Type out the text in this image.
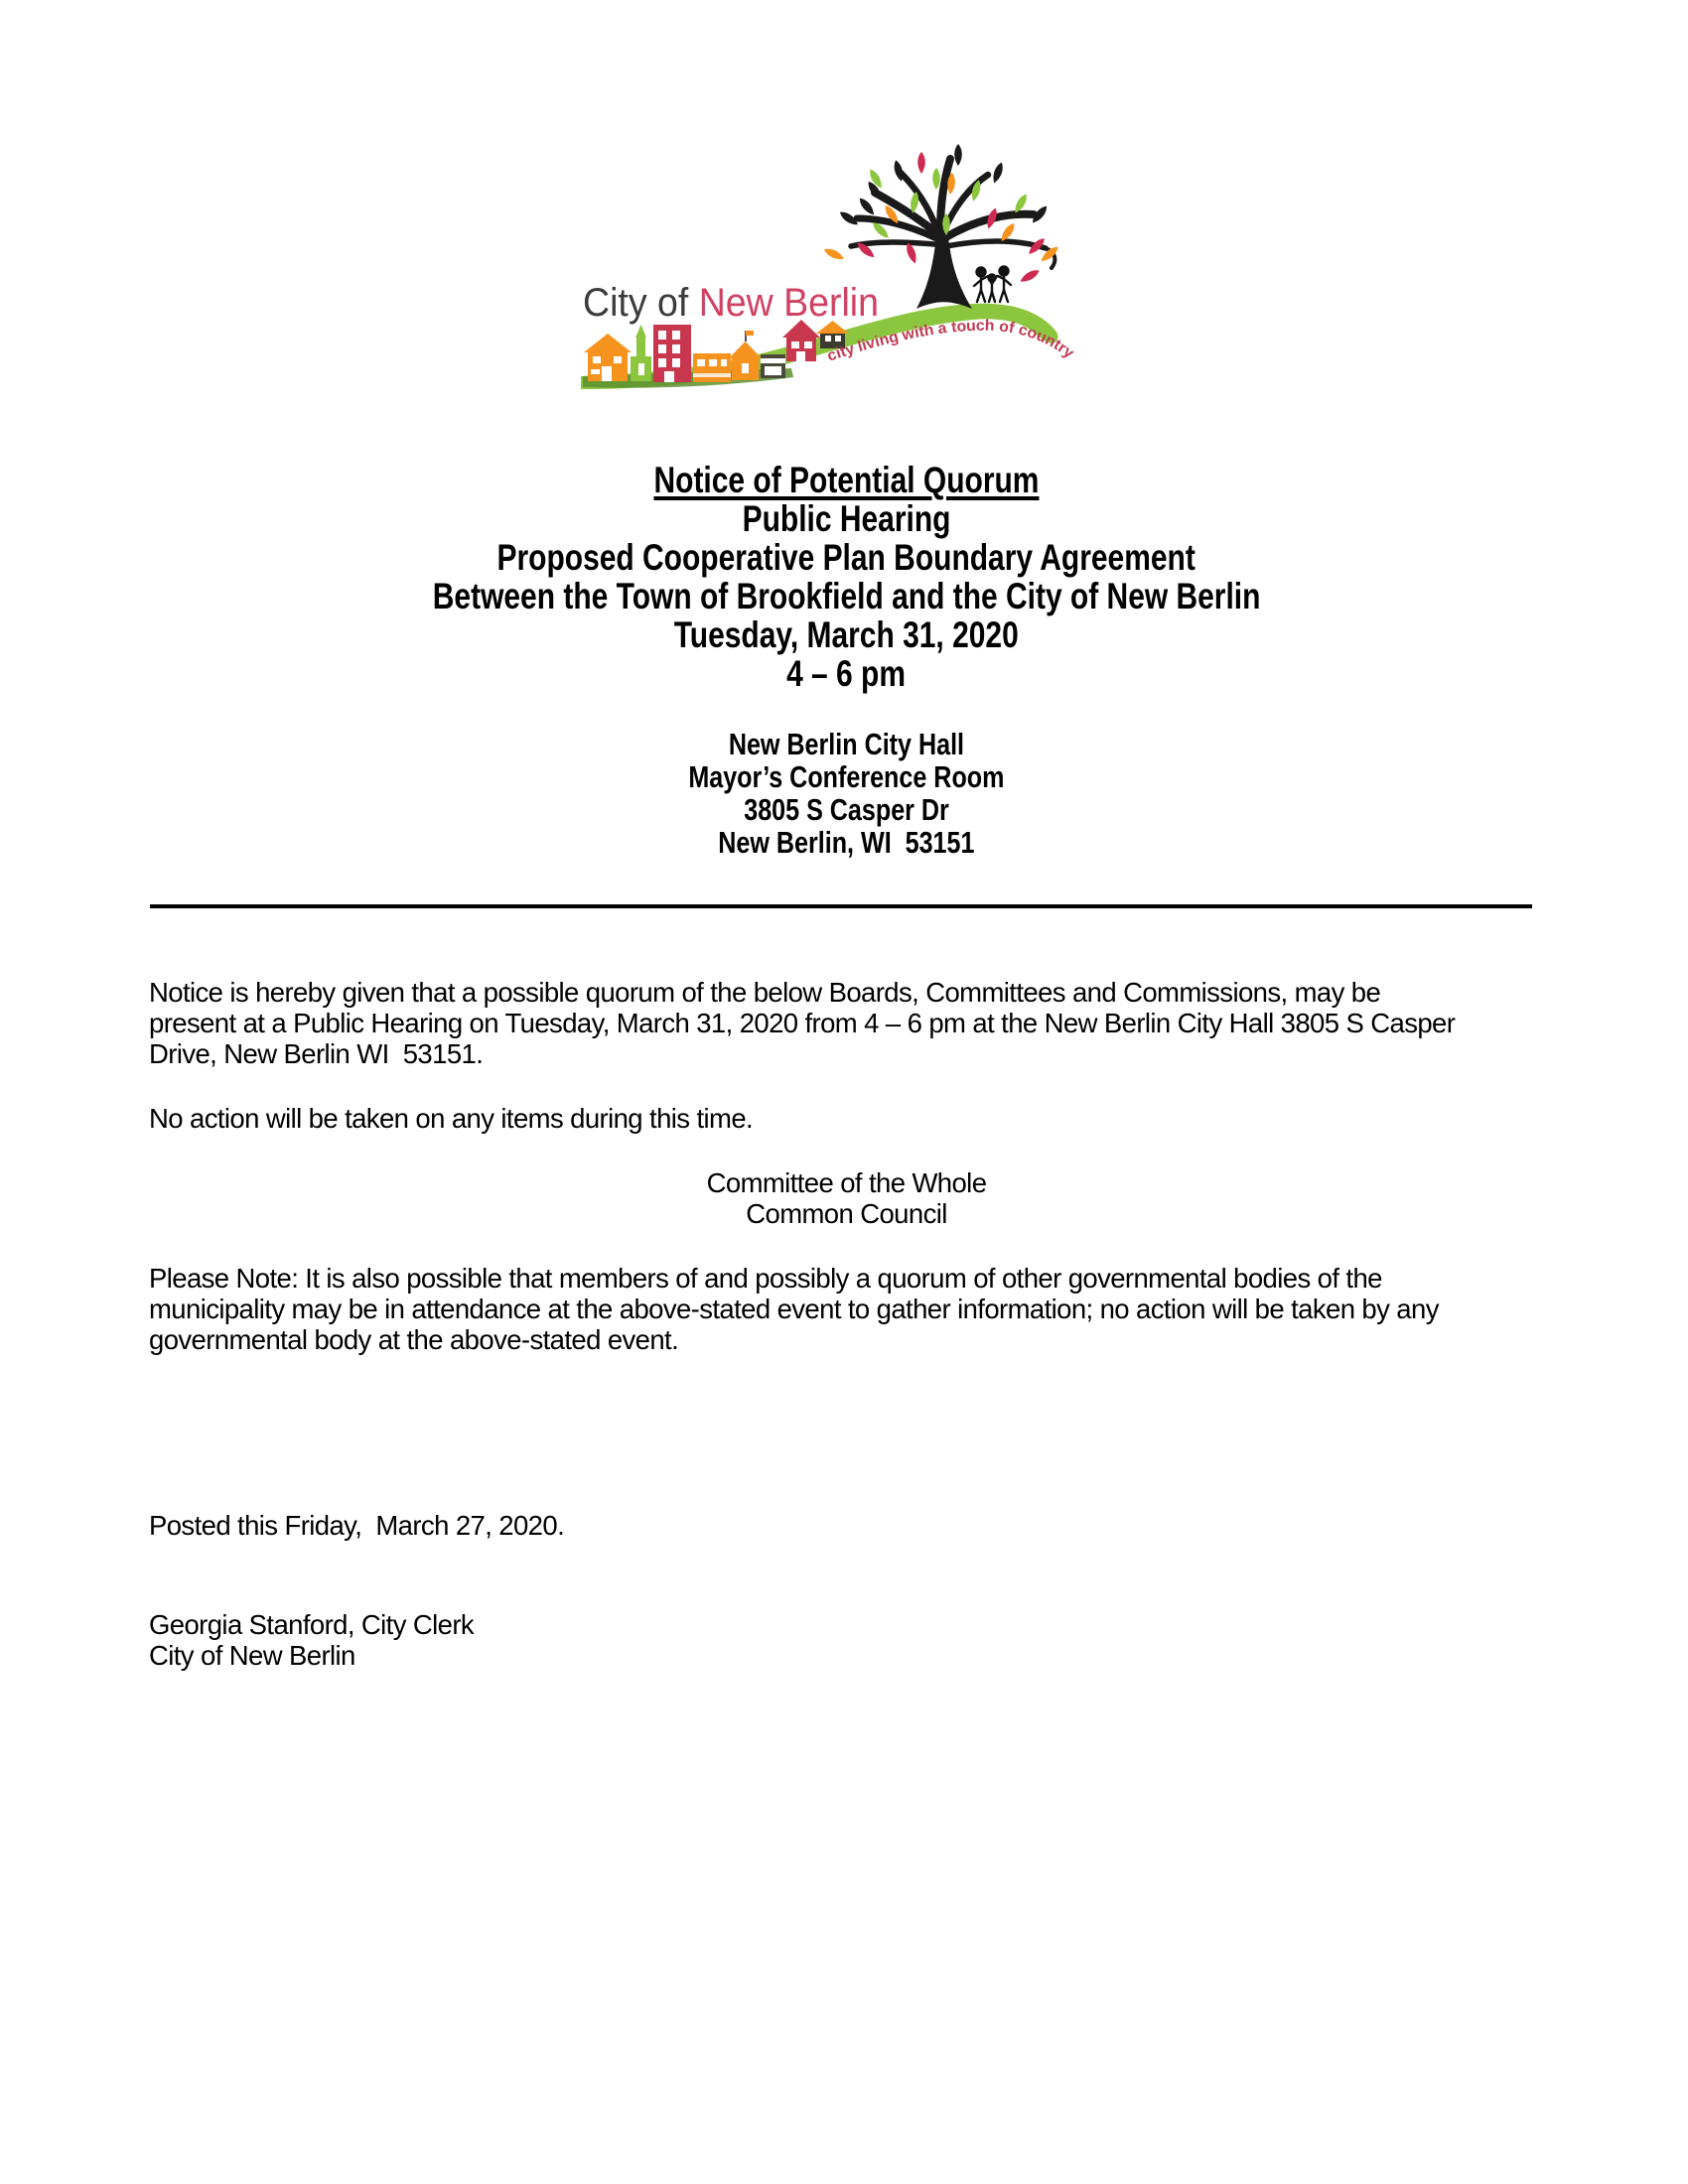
City of New Berlin
city living with a touch of country
Notice of Potential Quorum
Public Hearing
Proposed Cooperative Plan Boundary Agreement
Between the Town of Brookfield and the City of New Berlin
Tuesday, March 31, 2020
4 – 6 pm
New Berlin City Hall
Mayor’s Conference Room
3805 S Casper Dr
New Berlin, WI  53151
Notice is hereby given that a possible quorum of the below Boards, Committees and Commissions, may be
present at a Public Hearing on Tuesday, March 31, 2020 from 4 – 6 pm at the New Berlin City Hall 3805 S Casper
Drive, New Berlin WI  53151.
No action will be taken on any items during this time.
Committee of the Whole
Common Council
Please Note: It is also possible that members of and possibly a quorum of other governmental bodies of the
municipality may be in attendance at the above-stated event to gather information; no action will be taken by any
governmental body at the above-stated event.
Posted this Friday,  March 27, 2020.
Georgia Stanford, City Clerk
City of New Berlin
